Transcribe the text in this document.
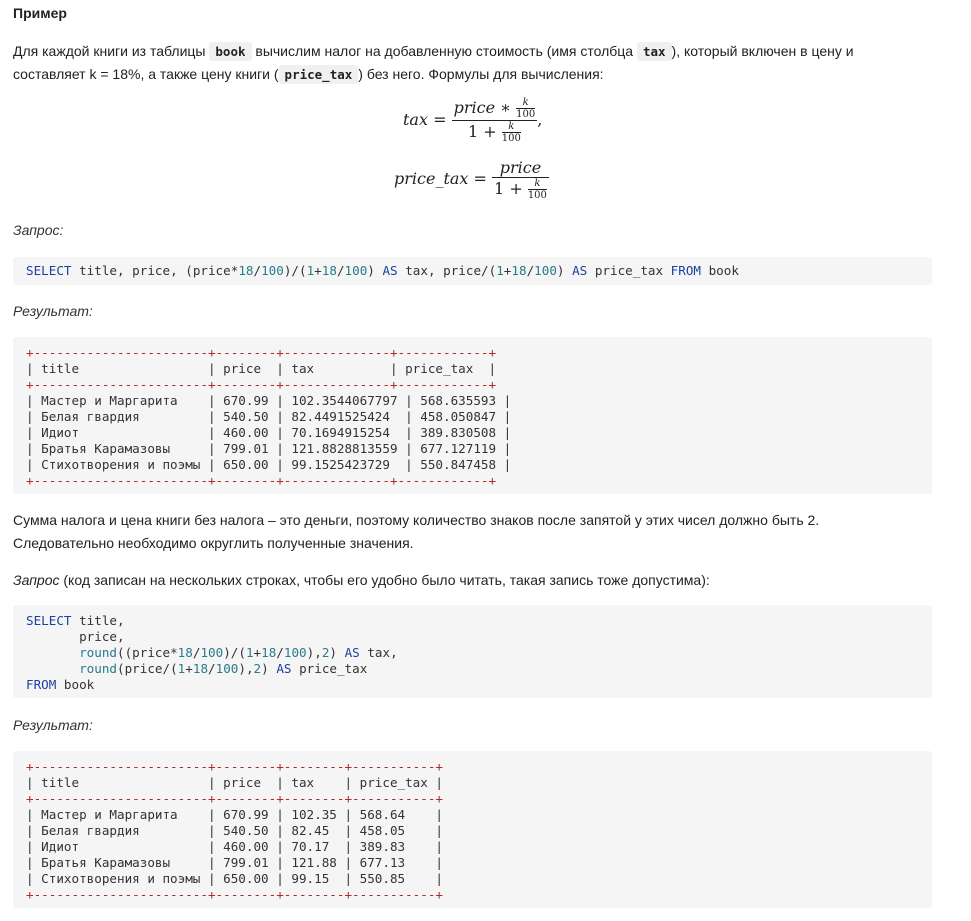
Пример
Для каждой книги из таблицы book вычислим налог на добавленную стоимость (имя столбца tax ), который включен в цену и
составляет k = 18%, а также цену книги ( price_tax ) без него. Формулы для вычисления:
tax = $\frac{price ∗ \frac{k}{100}}{1 + \frac{k}{100}}$ ,
price_tax = $\frac{\text{price}}{1 + \frac{k}{100}}$
Запрос:
SELECT title, price, (price*18/100)/(1+18/100) AS tax, price/(1+18/100) AS price_tax FROM book
Результат:
+-----------------------+--------+--------------+------------+
| title                 | price  | tax          | price_tax  |
+-----------------------+--------+--------------+------------+
| Мастер и Маргарита    | 670.99 | 102.3544067797 | 568.635593 |
| Белая гвардия         | 540.50 | 82.4491525424  | 458.050847 |
| Идиот                 | 460.00 | 70.1694915254  | 389.830508 |
| Братья Карамазовы     | 799.01 | 121.8828813559 | 677.127119 |
| Стихотворения и поэмы | 650.00 | 99.1525423729  | 550.847458 |
+-----------------------+--------+--------------+------------+
Сумма налога и цена книги без налога – это деньги, поэтому количество знаков после запятой у этих чисел должно быть 2.
Следовательно необходимо округлить полученные значения.
Запрос (код записан на нескольких строках, чтобы его удобно было читать, такая запись тоже допустима):
SELECT title,
price,
round((price*18/100)/(1+18/100),2) AS tax,
round(price/(1+18/100),2) AS price_tax
FROM book
Результат:
+-----------------------+--------+--------+-----------+
| title                 | price  | tax    | price_tax |
+-----------------------+--------+--------+-----------+
| Мастер и Маргарита    | 670.99 | 102.35 | 568.64    |
| Белая гвардия         | 540.50 | 82.45  | 458.05    |
| Идиот                 | 460.00 | 70.17  | 389.83    |
| Братья Карамазовы     | 799.01 | 121.88 | 677.13    |
| Стихотворения и поэмы | 650.00 | 99.15  | 550.85    |
+-----------------------+--------+--------+-----------+
